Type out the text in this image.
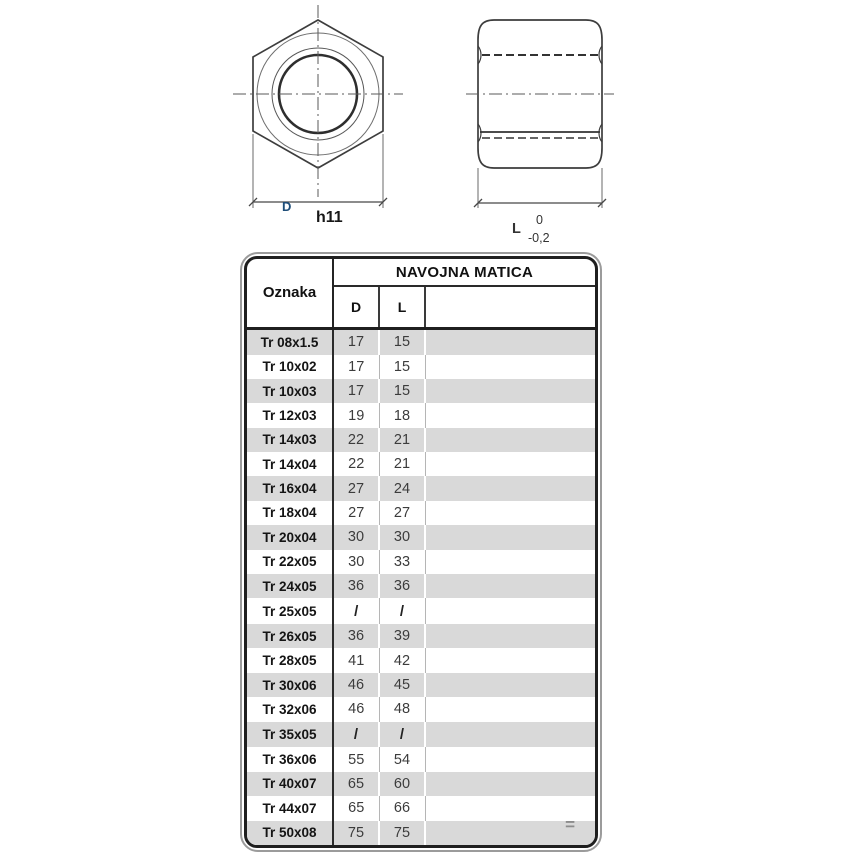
D
h11
L
0
-0,2
Oznaka	NAVOJNA MATICA		
	D	L	
Tr 08x1.5	17	15	
Tr 10x02	17	15	
Tr 10x03	17	15	
Tr 12x03	19	18	
Tr 14x03	22	21	
Tr 14x04	22	21	
Tr 16x04	27	24	
Tr 18x04	27	27	
Tr 20x04	30	30	
Tr 22x05	30	33	
Tr 24x05	36	36	
Tr 25x05	/	/	
Tr 26x05	36	39	
Tr 28x05	41	42	
Tr 30x06	46	45	
Tr 32x06	46	48	
Tr 35x05	/	/	
Tr 36x06	55	54	
Tr 40x07	65	60	
Tr 44x07	65	66	
Tr 50x08	75	75		=
